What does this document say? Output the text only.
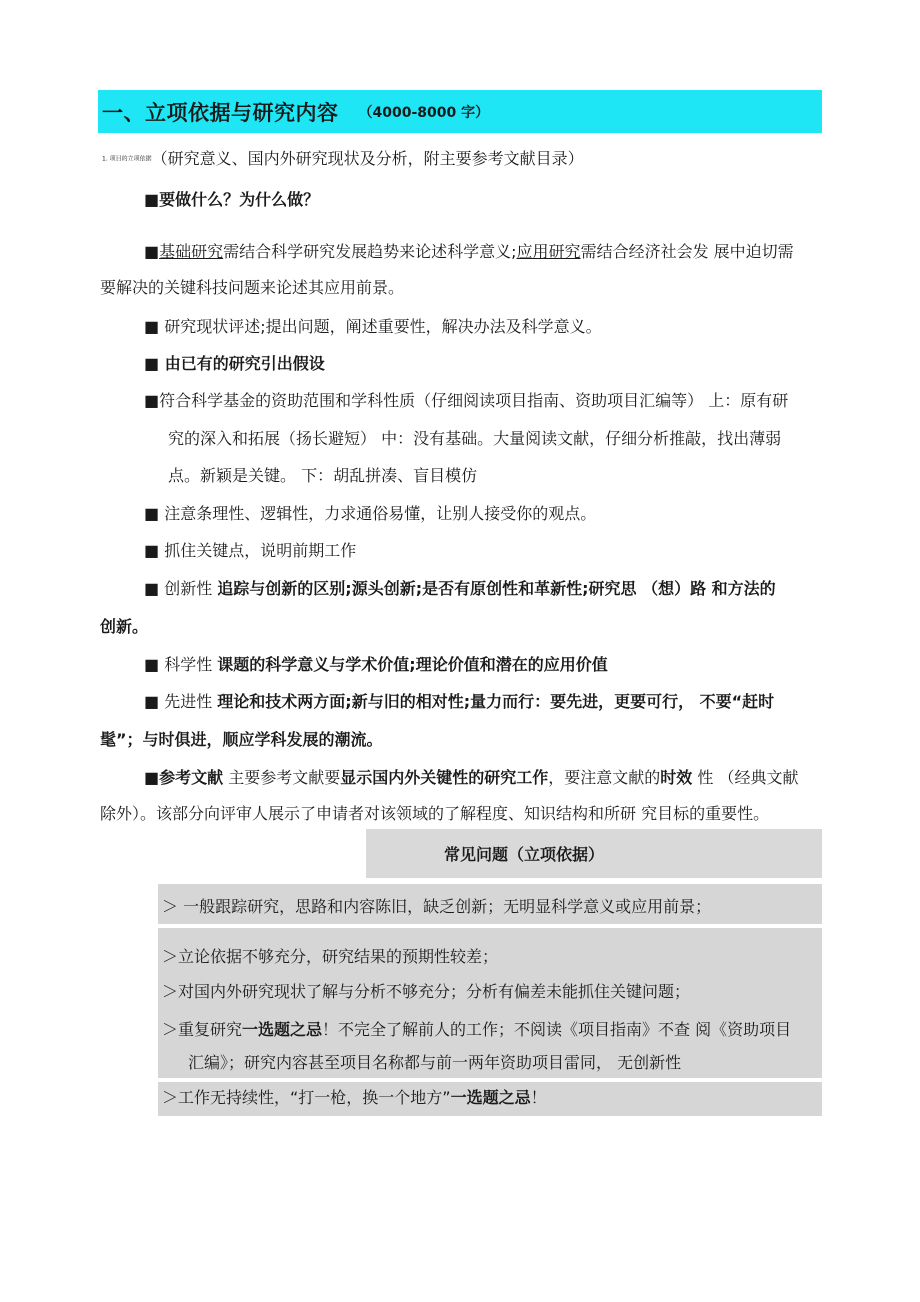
一、立项依据与研究内容 （4000-8000 字）
1. 项目的立项依据（研究意义、国内外研究现状及分析，附主要参考文献目录）
■要做什么？为什么做？
■基础研究需结合科学研究发展趋势来论述科学意义;应用研究需结合经济社会发 展中迫切需
要解决的关键科技问题来论述其应用前景。
■ 研究现状评述;提出问题，阐述重要性，解决办法及科学意义。
■ 由已有的研究引出假设
■符合科学基金的资助范围和学科性质（仔细阅读项目指南、资助项目汇编等） 上：原有研
究的深入和拓展（扬长避短） 中：没有基础。大量阅读文献，仔细分析推敲，找出薄弱
点。新颖是关键。 下：胡乱拼凑、盲目模仿
■ 注意条理性、逻辑性，力求通俗易懂，让别人接受你的观点。
■ 抓住关键点，说明前期工作
■ 创新性 追踪与创新的区别;源头创新;是否有原创性和革新性;研究思 （想）路 和方法的
创新。
■ 科学性 课题的科学意义与学术价值;理论价值和潜在的应用价值
■ 先进性 理论和技术两方面;新与旧的相对性;量力而行：要先进，更要可行， 不要“赶时
髦”；与时俱进，顺应学科发展的潮流。
■参考文献 主要参考文献要显示国内外关键性的研究工作，要注意文献的时效 性 （经典文献
除外）。该部分向评审人展示了申请者对该领域的了解程度、知识结构和所研 究目标的重要性。
常见问题（立项依据）
＞ 一般跟踪研究，思路和内容陈旧，缺乏创新；无明显科学意义或应用前景；
＞立论依据不够充分，研究结果的预期性较差；
＞对国内外研究现状了解与分析不够充分；分析有偏差未能抓住关键问题；
＞重复研究一选题之忌！不完全了解前人的工作；不阅读《项目指南》不查 阅《资助项目
汇编》；研究内容甚至项目名称都与前一两年资助项目雷同， 无创新性
＞工作无持续性，“打一枪，换一个地方”一选题之忌！
